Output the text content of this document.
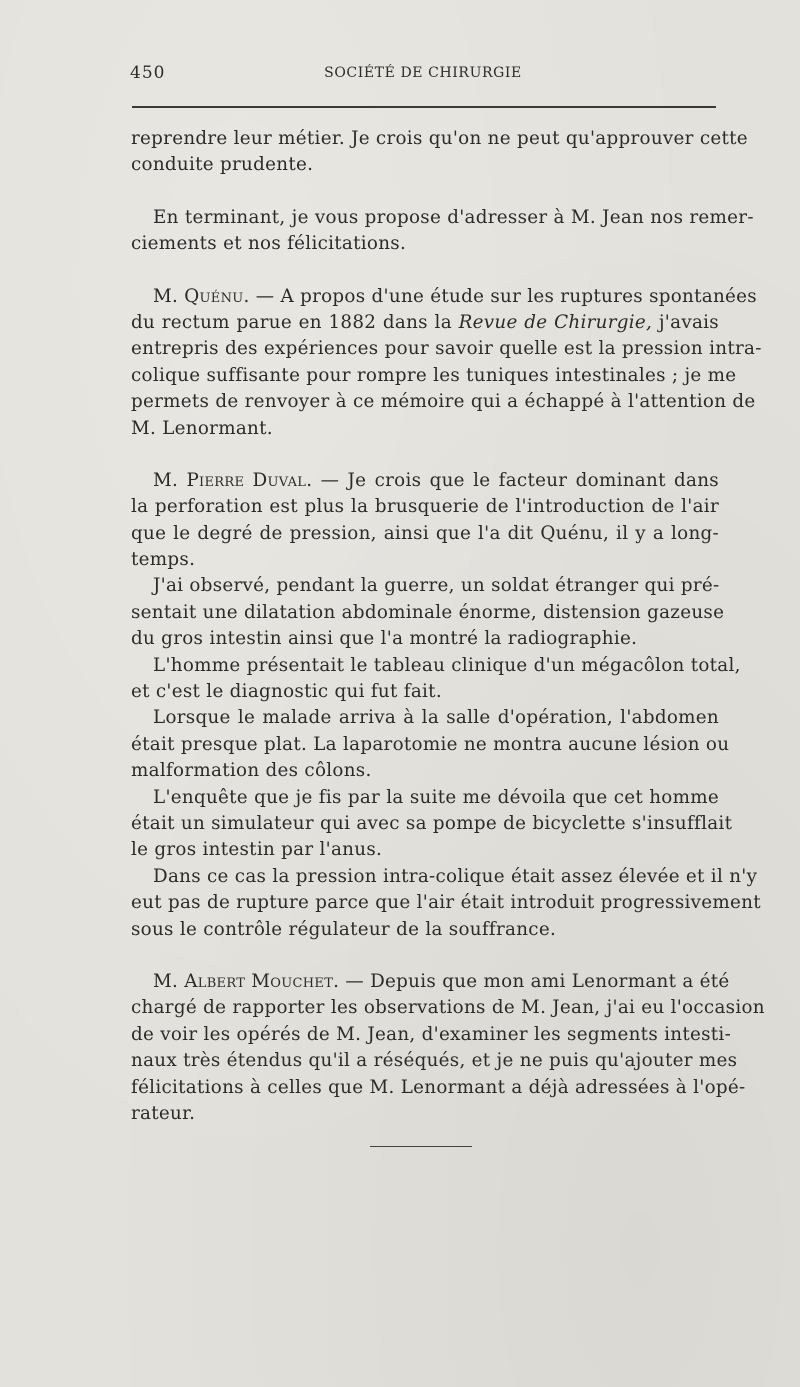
450	SOCIÉTÉ DE CHIRURGIE
reprendre leur métier. Je crois qu'on ne peut qu'approuver cette
conduite prudente.
En terminant, je vous propose d'adresser à M. Jean nos remer-
ciements et nos félicitations.
M. Quénu. — A propos d'une étude sur les ruptures spontanées
du rectum parue en 1882 dans la Revue de Chirurgie, j'avais
entrepris des expériences pour savoir quelle est la pression intra-
colique suffisante pour rompre les tuniques intestinales ; je me
permets de renvoyer à ce mémoire qui a échappé à l'attention de
M. Lenormant.
M. Pierre Duval. — Je crois que le facteur dominant dans
la perforation est plus la brusquerie de l'introduction de l'air
que le degré de pression, ainsi que l'a dit Quénu, il y a long-
temps.
J'ai observé, pendant la guerre, un soldat étranger qui pré-
sentait une dilatation abdominale énorme, distension gazeuse
du gros intestin ainsi que l'a montré la radiographie.
L'homme présentait le tableau clinique d'un mégacôlon total,
et c'est le diagnostic qui fut fait.
Lorsque le malade arriva à la salle d'opération, l'abdomen
était presque plat. La laparotomie ne montra aucune lésion ou
malformation des côlons.
L'enquête que je fis par la suite me dévoila que cet homme
était un simulateur qui avec sa pompe de bicyclette s'insufflait
le gros intestin par l'anus.
Dans ce cas la pression intra-colique était assez élevée et il n'y
eut pas de rupture parce que l'air était introduit progressivement
sous le contrôle régulateur de la souffrance.
M. Albert Mouchet. — Depuis que mon ami Lenormant a été
chargé de rapporter les observations de M. Jean, j'ai eu l'occasion
de voir les opérés de M. Jean, d'examiner les segments intesti-
naux très étendus qu'il a réséqués, et je ne puis qu'ajouter mes
félicitations à celles que M. Lenormant a déjà adressées à l'opé-
rateur.
